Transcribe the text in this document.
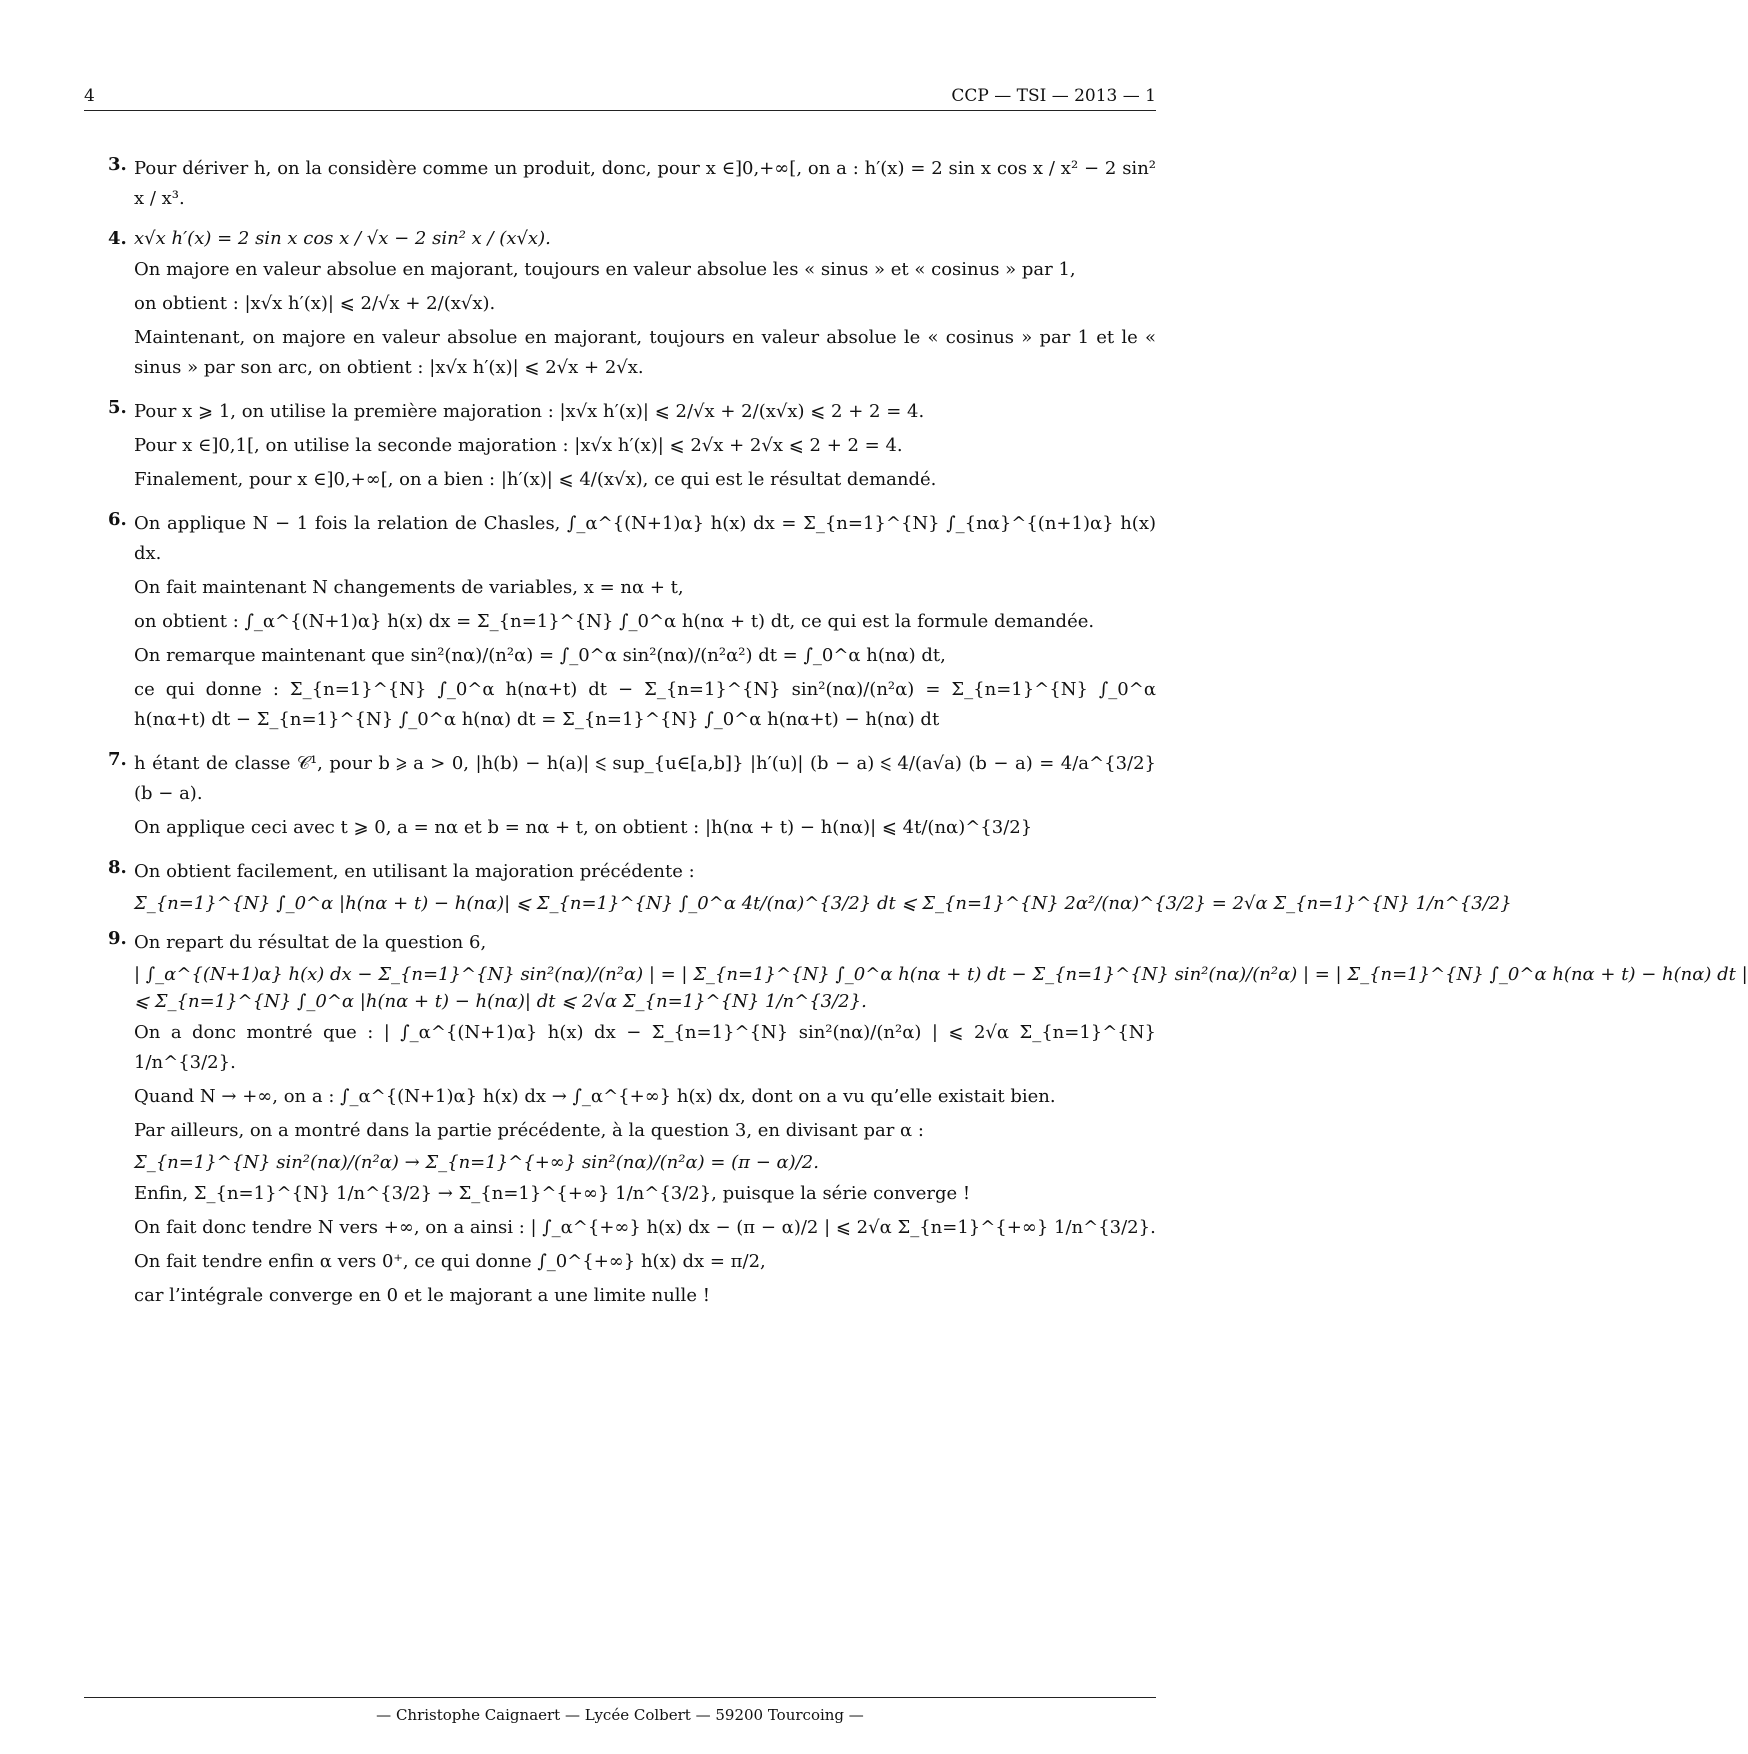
4	CCP — TSI — 2013 — 1
3. Pour dériver h, on la considère comme un produit, donc, pour x ∈]0,+∞[, on a : h′(x) = 2 sin x cos x / x² − 2 sin² x / x³.
4. x√x h′(x) = 2 sin x cos x / √x − 2 sin² x / (x√x).
On majore en valeur absolue en majorant, toujours en valeur absolue les « sinus » et « cosinus » par 1,
on obtient : |x√x h′(x)| ⩽ 2/√x + 2/(x√x).
Maintenant, on majore en valeur absolue en majorant, toujours en valeur absolue le « cosinus » par 1 et le « sinus » par son arc, on obtient : |x√x h′(x)| ⩽ 2√x + 2√x.
5. Pour x ⩾ 1, on utilise la première majoration : |x√x h′(x)| ⩽ 2/√x + 2/(x√x) ⩽ 2 + 2 = 4.
Pour x ∈]0,1[, on utilise la seconde majoration : |x√x h′(x)| ⩽ 2√x + 2√x ⩽ 2 + 2 = 4.
Finalement, pour x ∈]0,+∞[, on a bien : |h′(x)| ⩽ 4/(x√x), ce qui est le résultat demandé.
6. On applique N − 1 fois la relation de Chasles, ∫_α^{(N+1)α} h(x) dx = Σ_{n=1}^{N} ∫_{nα}^{(n+1)α} h(x) dx.
On fait maintenant N changements de variables, x = nα + t,
on obtient : ∫_α^{(N+1)α} h(x) dx = Σ_{n=1}^{N} ∫_0^α h(nα + t) dt, ce qui est la formule demandée.
On remarque maintenant que sin²(nα)/(n²α) = ∫_0^α sin²(nα)/(n²α²) dt = ∫_0^α h(nα) dt,
ce qui donne : Σ_{n=1}^{N} ∫_0^α h(nα+t) dt − Σ_{n=1}^{N} sin²(nα)/(n²α) = Σ_{n=1}^{N} ∫_0^α h(nα+t) dt − Σ_{n=1}^{N} ∫_0^α h(nα) dt = Σ_{n=1}^{N} ∫_0^α h(nα+t) − h(nα) dt
7. h étant de classe 𝒞¹, pour b ⩾ a > 0, |h(b) − h(a)| ⩽ sup_{u∈[a,b]} |h′(u)| (b − a) ⩽ 4/(a√a) (b − a) = 4/a^{3/2} (b − a).
On applique ceci avec t ⩾ 0, a = nα et b = nα + t, on obtient : |h(nα + t) − h(nα)| ⩽ 4t/(nα)^{3/2}
8. On obtient facilement, en utilisant la majoration précédente :
Σ_{n=1}^{N} ∫_0^α |h(nα + t) − h(nα)| ⩽ Σ_{n=1}^{N} ∫_0^α 4t/(nα)^{3/2} dt ⩽ Σ_{n=1}^{N} 2α²/(nα)^{3/2} = 2√α Σ_{n=1}^{N} 1/n^{3/2}
9. On repart du résultat de la question 6,
| ∫_α^{(N+1)α} h(x) dx − Σ_{n=1}^{N} sin²(nα)/(n²α) | = | Σ_{n=1}^{N} ∫_0^α h(nα + t) dt − Σ_{n=1}^{N} sin²(nα)/(n²α) | = | Σ_{n=1}^{N} ∫_0^α h(nα + t) − h(nα) dt |
⩽ Σ_{n=1}^{N} ∫_0^α |h(nα + t) − h(nα)| dt ⩽ 2√α Σ_{n=1}^{N} 1/n^{3/2}.
On a donc montré que : | ∫_α^{(N+1)α} h(x) dx − Σ_{n=1}^{N} sin²(nα)/(n²α) | ⩽ 2√α Σ_{n=1}^{N} 1/n^{3/2}.
Quand N → +∞, on a : ∫_α^{(N+1)α} h(x) dx → ∫_α^{+∞} h(x) dx, dont on a vu qu’elle existait bien.
Par ailleurs, on a montré dans la partie précédente, à la question 3, en divisant par α :
Σ_{n=1}^{N} sin²(nα)/(n²α) → Σ_{n=1}^{+∞} sin²(nα)/(n²α) = (π − α)/2.
Enfin, Σ_{n=1}^{N} 1/n^{3/2} → Σ_{n=1}^{+∞} 1/n^{3/2}, puisque la série converge !
On fait donc tendre N vers +∞, on a ainsi : | ∫_α^{+∞} h(x) dx − (π − α)/2 | ⩽ 2√α Σ_{n=1}^{+∞} 1/n^{3/2}.
On fait tendre enfin α vers 0⁺, ce qui donne ∫_0^{+∞} h(x) dx = π/2,
car l’intégrale converge en 0 et le majorant a une limite nulle !
— Christophe Caignaert — Lycée Colbert — 59200 Tourcoing —
